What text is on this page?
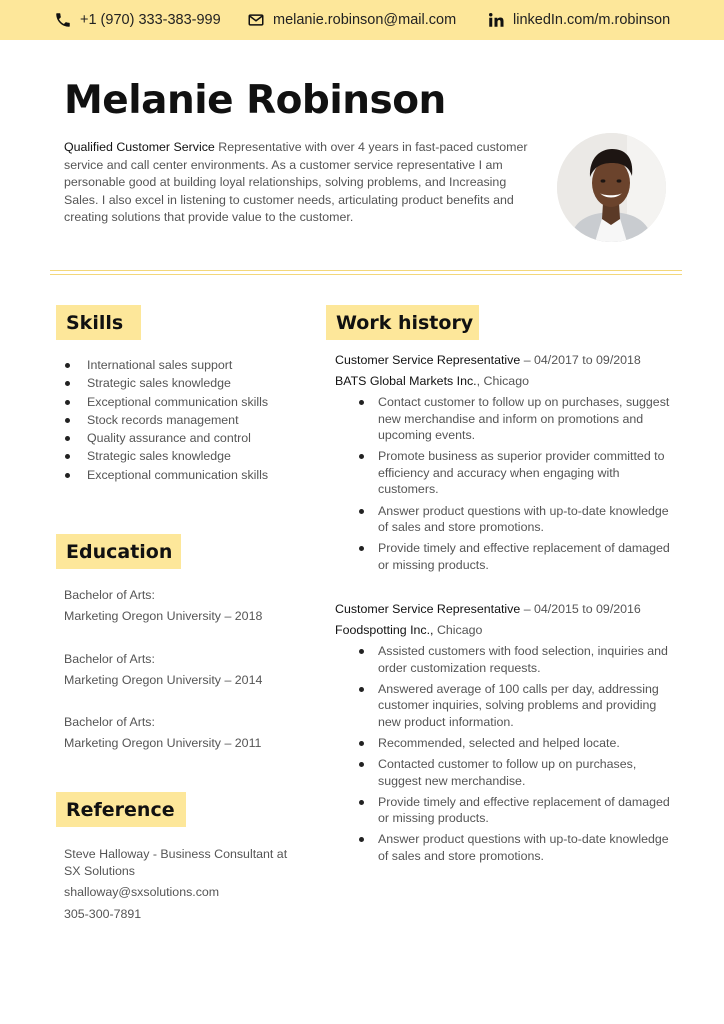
+1 (970) 333-383-999	melanie.robinson@mail.com	linkedIn.com/m.robinson
Melanie Robinson
Qualified Customer Service Representative with over 4 years in fast-paced customer service and call center environments. As a customer service representative I am personable good at building loyal relationships, solving problems, and Increasing Sales. I also excel in listening to customer needs, articulating product benefits and creating solutions that provide value to the customer.
Skills
International sales support
Strategic sales knowledge
Exceptional communication skills
Stock records management
Quality assurance and control
Strategic sales knowledge
Exceptional communication skills
Education
Bachelor of Arts:
Marketing Oregon University – 2018
Bachelor of Arts:
Marketing Oregon University – 2014
Bachelor of Arts:
Marketing Oregon University – 2011
Reference
Steve Halloway - Business Consultant at SX Solutions
shalloway@sxsolutions.com
305-300-7891
Work history
Customer Service Representative – 04/2017 to 09/2018
BATS Global Markets Inc., Chicago
Contact customer to follow up on purchases, suggest new merchandise and inform on promotions and upcoming events.
Promote business as superior provider committed to efficiency and accuracy when engaging with customers.
Answer product questions with up-to-date knowledge of sales and store promotions.
Provide timely and effective replacement of damaged or missing products.
Customer Service Representative – 04/2015 to 09/2016
Foodspotting Inc., Chicago
Assisted customers with food selection, inquiries and order customization requests.
Answered average of 100 calls per day, addressing customer inquiries, solving problems and providing new product information.
Recommended, selected and helped locate.
Contacted customer to follow up on purchases, suggest new merchandise.
Provide timely and effective replacement of damaged or missing products.
Answer product questions with up-to-date knowledge of sales and store promotions.
